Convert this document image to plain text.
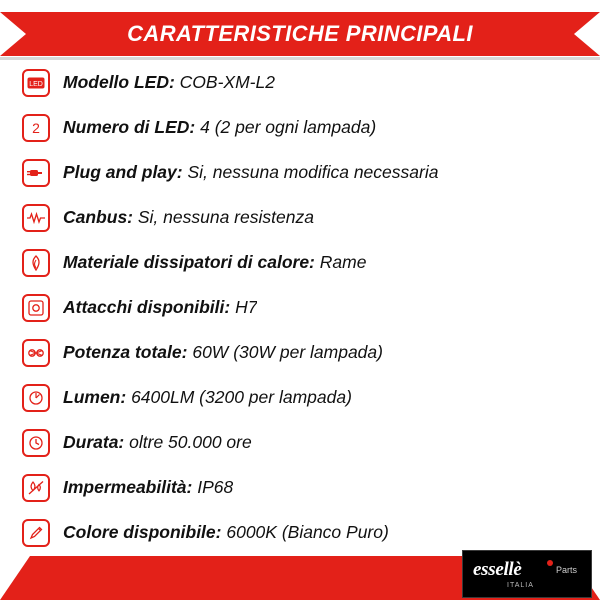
CARATTERISTICHE PRINCIPALI
LED Modello LED: COB-XM-L2
2 Numero di LED: 4 (2 per ogni lampada)
Plug and play: Si, nessuna modifica necessaria
Canbus: Si, nessuna resistenza
Materiale dissipatori di calore: Rame
Attacchi disponibili: H7
Potenza totale: 60W (30W per lampada)
Lumen: 6400LM (3200 per lampada)
Durata: oltre 50.000 ore
Impermeabilità: IP68
Colore disponibile: 6000K (Bianco Puro)
essellè	Parts
ITALIA
